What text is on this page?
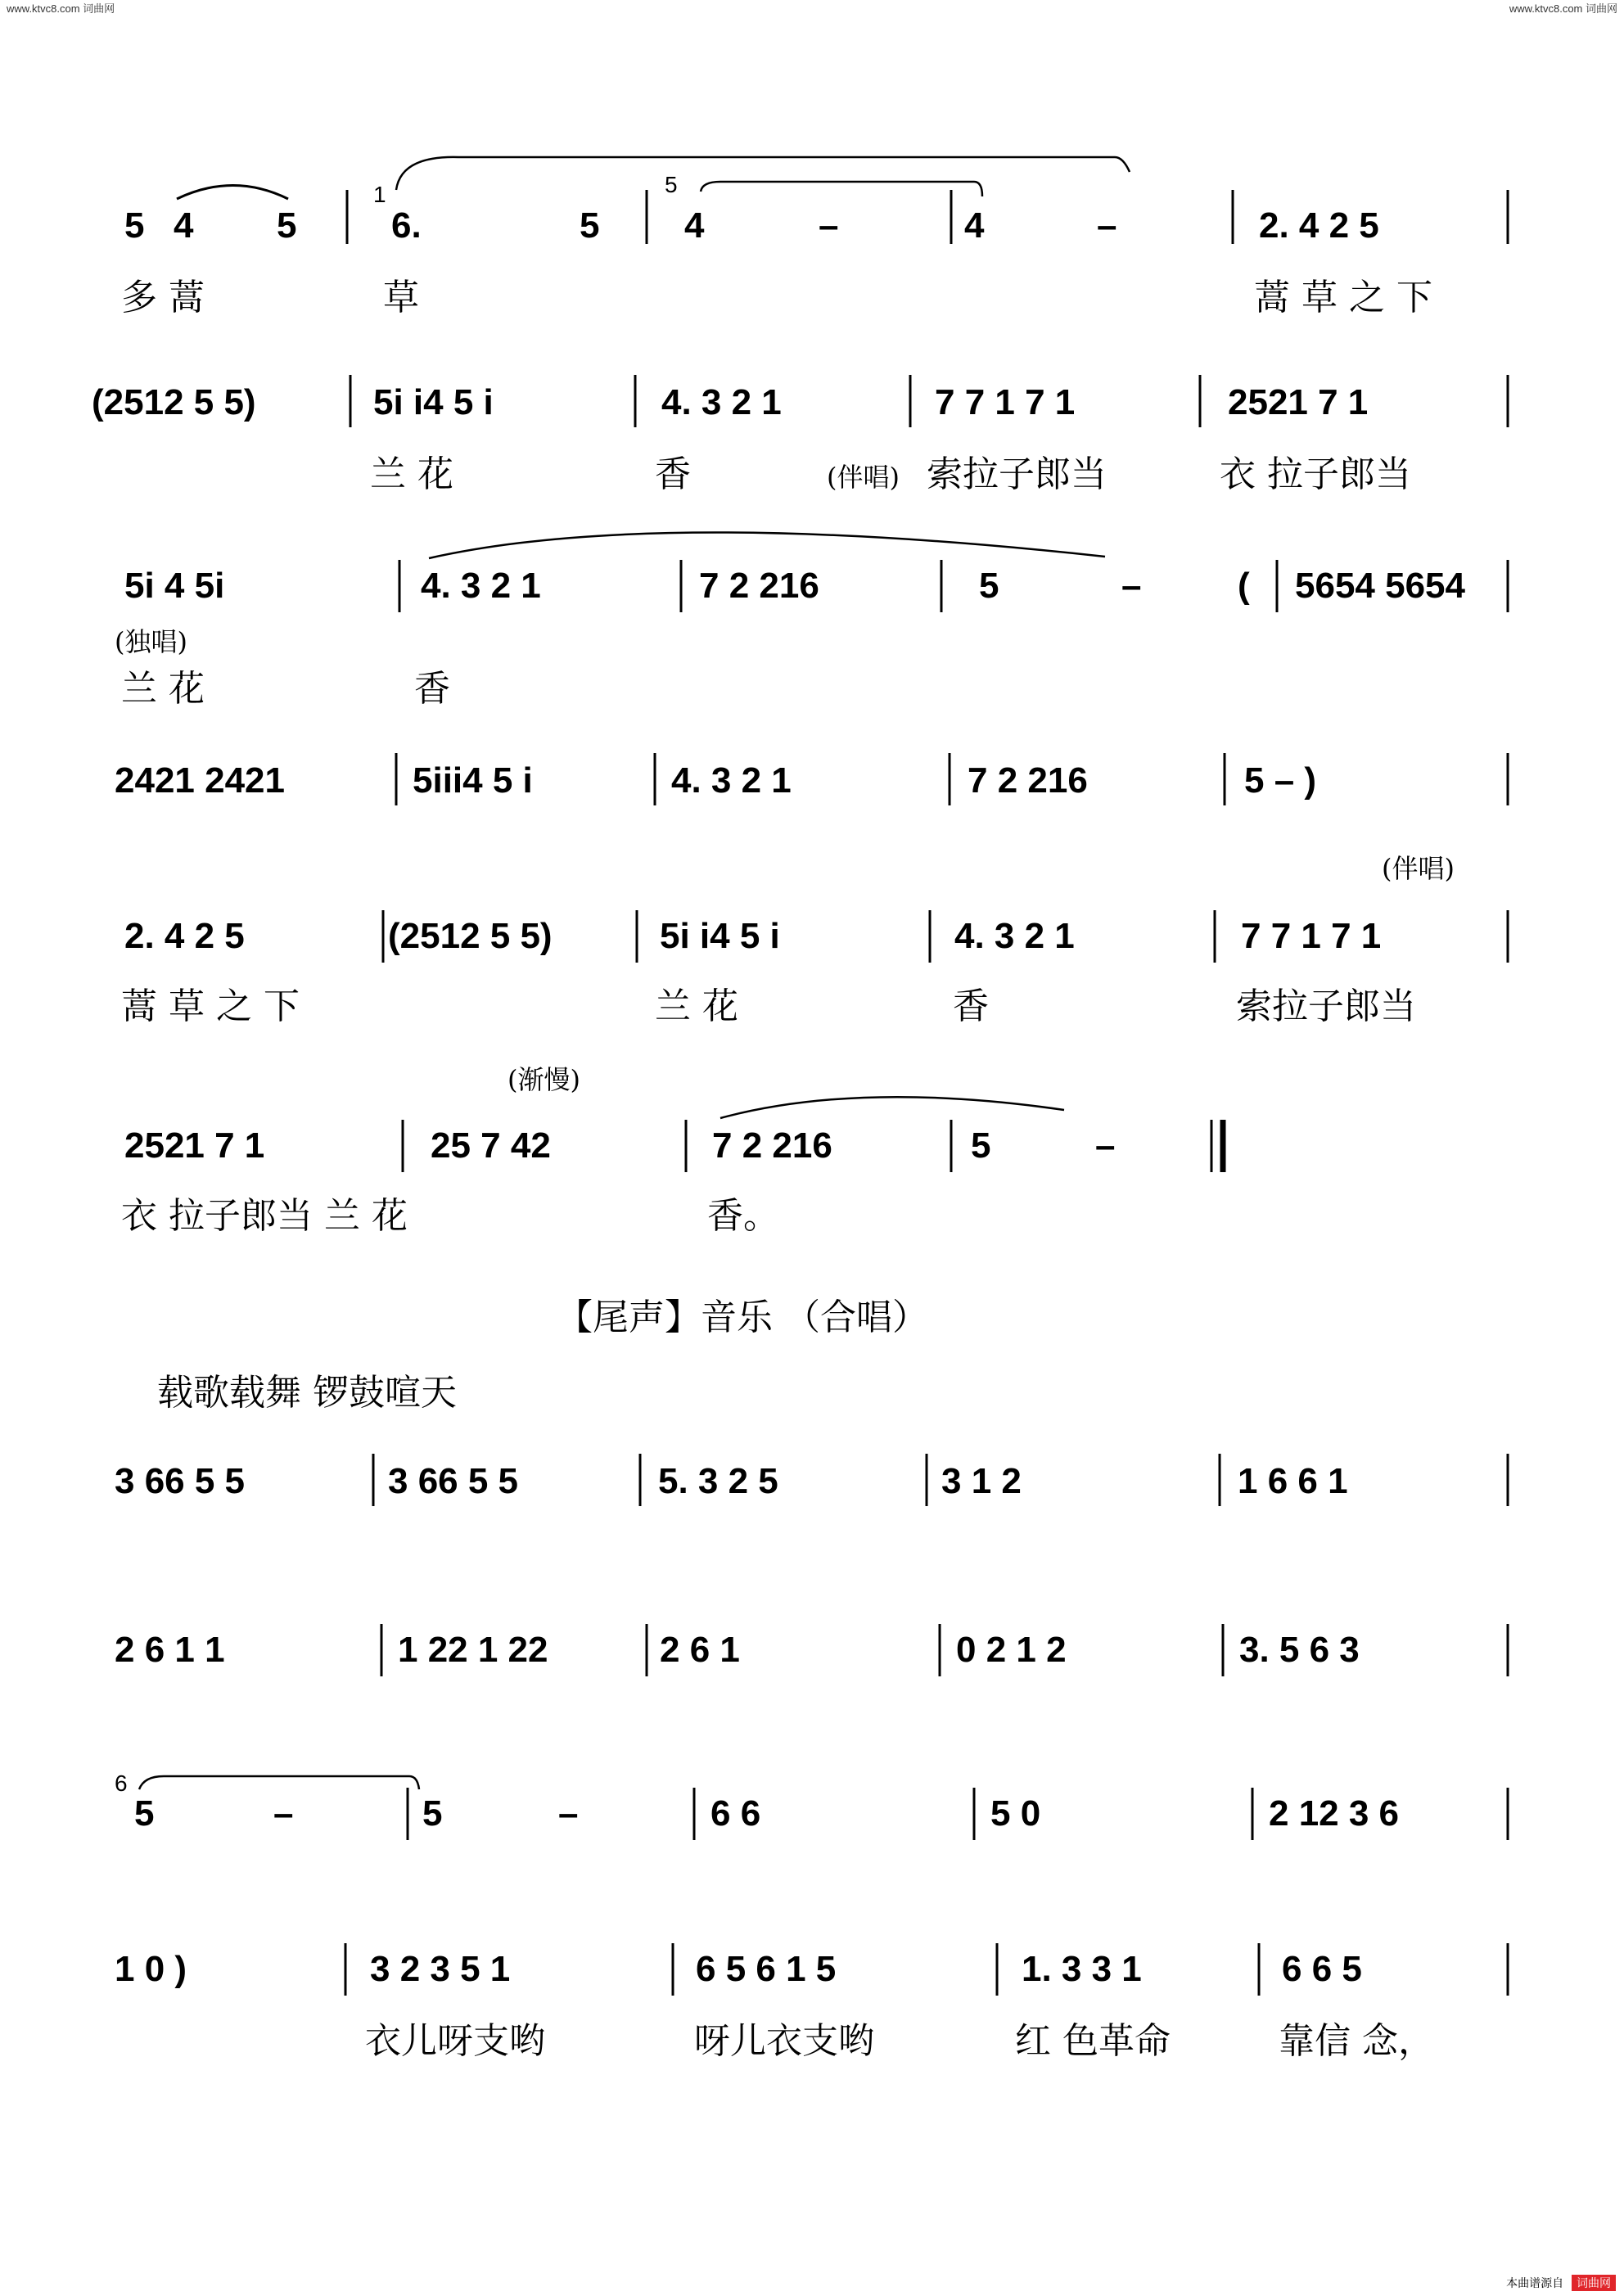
www.ktvc8.com 词曲网	www.ktvc8.com 词曲网
5 4 5
1
6.	5
5
4	–	4	–	2. 4 2 5
多 蒿	草	蒿 草 之 下
(2512 5 5)	5i i4 5 i	4. 3 2 1	7 7 1 7 1	2521 7 1
兰 花	香	(伴唱) 索拉子郎当	衣 拉子郎当
5i 4 5i	4. 3 2 1	7 2 216	5	–	( 5654 5654
(独唱)
兰 花	香
2421 2421	5iii4 5 i	4. 3 2 1	7 2 216	5 – )
(伴唱)
2. 4 2 5	(2512 5 5)	5i i4 5 i	4. 3 2 1	7 7 1 7 1
蒿 草 之 下	兰 花	香	索拉子郎当
(渐慢)
2521 7 1	25 7 42	7 2 216	5	–
衣 拉子郎当 兰 花	香。
【尾声】音乐 （合唱）
载歌载舞 锣鼓喧天
3 66 5 5	3 66 5 5	5. 3 2 5	3 1 2	1 6 6 1
2 6 1 1	1 22 1 22	2 6 1	0 2 1 2	3. 5 6 3
6
5	–	5	–	6 6	5 0	2 12 3 6
1 0 )	3 2 3 5 1	6 5 6 1 5	1. 3 3 1	6 6 5
衣儿呀支哟	呀儿衣支哟	红 色革命	靠信 念，
本曲谱源自 词曲网
